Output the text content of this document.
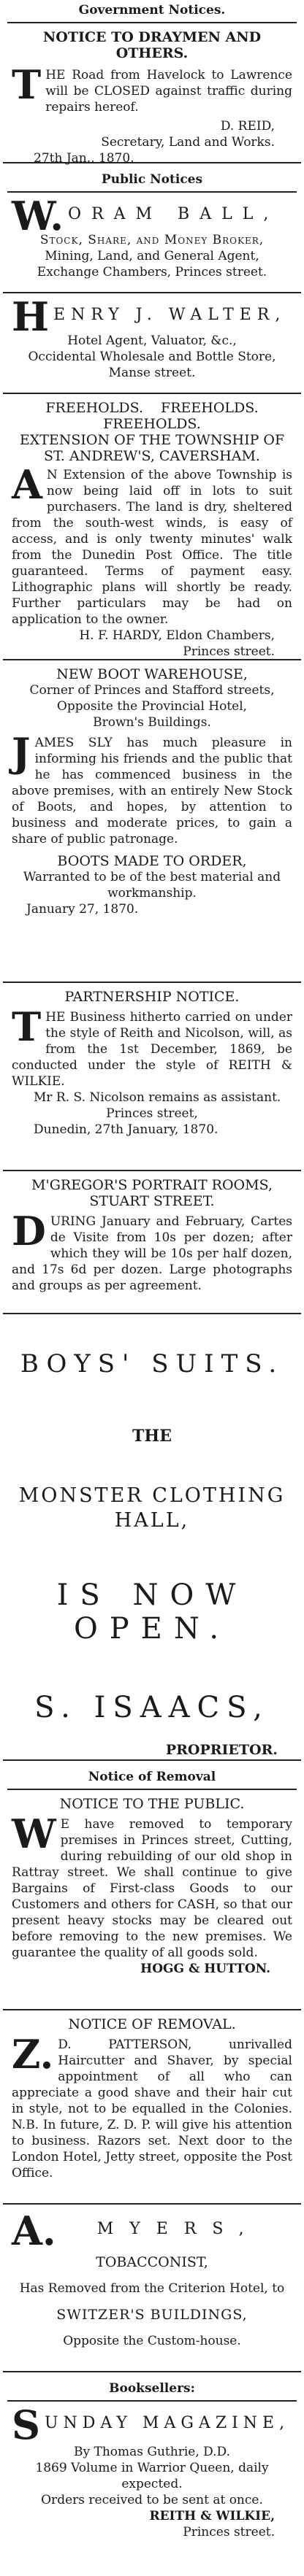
Government Notices.

NOTICE TO DRAYMEN AND OTHERS.

THE Road from Havelock to Lawrence will be CLOSED against traffic during repairs hereof.

D. REID,

Secretary, Land and Works.

27th Jan., 1870.

Public Notices
W. ORAM BALL,

Stock, Share, and Money Broker,

Mining, Land, and General Agent,

Exchange Chambers, Princes street.

HENRY J. WALTER,

Hotel Agent, Valuator, &c.,

Occidental Wholesale and Bottle Store,

Manse street.

FREEHOLDS. FREEHOLDS.

FREEHOLDS.

EXTENSION OF THE TOWNSHIP OF

ST. ANDREW'S, CAVERSHAM.

A N Extension of the above Township is now being laid off in lots to suit purchasers. The land is dry, sheltered from the south-west winds, is easy of access, and is only twenty minutes' walk from the Dunedin Post Office. The title guaranteed. Terms of payment easy. Lithographic plans will shortly be ready. Further particulars may be had on application to the owner.

H. F. HARDY, Eldon Chambers,

Princes street.

NEW BOOT WAREHOUSE,

Corner of Princes and Stafford streets,

Opposite the Provincial Hotel,

Brown's Buildings.

JAMES SLY has much pleasure in informing his friends and the public that he has commenced business in the above premises, with an entirely New Stock of Boots, and hopes, by attention to business and moderate prices, to gain a share of public patronage.

BOOTS MADE TO ORDER,

Warranted to be of the best material and workmanship.

January 27, 1870.

PARTNERSHIP NOTICE.

THE Business hitherto carried on under the style of Reith and Nicolson, will, as from the 1st December, 1869, be conducted under the style of REITH & WILKIE.

Mr R. S. Nicolson remains as assistant.

Princes street,

Dunedin, 27th January, 1870.

M'GREGOR'S PORTRAIT ROOMS,

STUART STREET.

DURING January and February, Cartes de Visite from 10s per dozen; after which they will be 10s per half dozen, and 17s 6d per dozen. Large photographs and groups as per agreement.

BOYS' SUITS.

THE

MONSTER CLOTHING HALL,

IS NOW OPEN.

S. ISAACS,

PROPRIETOR.

Notice of Removal

NOTICE TO THE PUBLIC.

W E have removed to temporary premises in Princes street, Cutting, during rebuilding of our old shop in Rattray street. We shall continue to give Bargains of First-class Goods to our Customers and others for CASH, so that our present heavy stocks may be cleared out before removing to the new premises. We guarantee the quality of all goods sold.

HOGG & HUTTON.

NOTICE OF REMOVAL.

Z. D. PATTERSON, unrivalled Haircutter and Shaver, by special appointment of all who can appreciate a good shave and their hair cut in style, not to be equalled in the Colonies. N.B. In future, Z. D. P. will give his attention to business. Razors set. Next door to the London Hotel, Jetty street, opposite the Post Office.
A.	MYERS,

TOBACCONIST,

Has Removed from the Criterion Hotel, to

SWITZER'S BUILDINGS,

Opposite the Custom-house.

Booksellers:
SUNDAY MAGAZINE,

By Thomas Guthrie, D.D.

1869 Volume in Warrior Queen, daily expected.

Orders received to be sent at once.

REITH & WILKIE,

Princes street.
